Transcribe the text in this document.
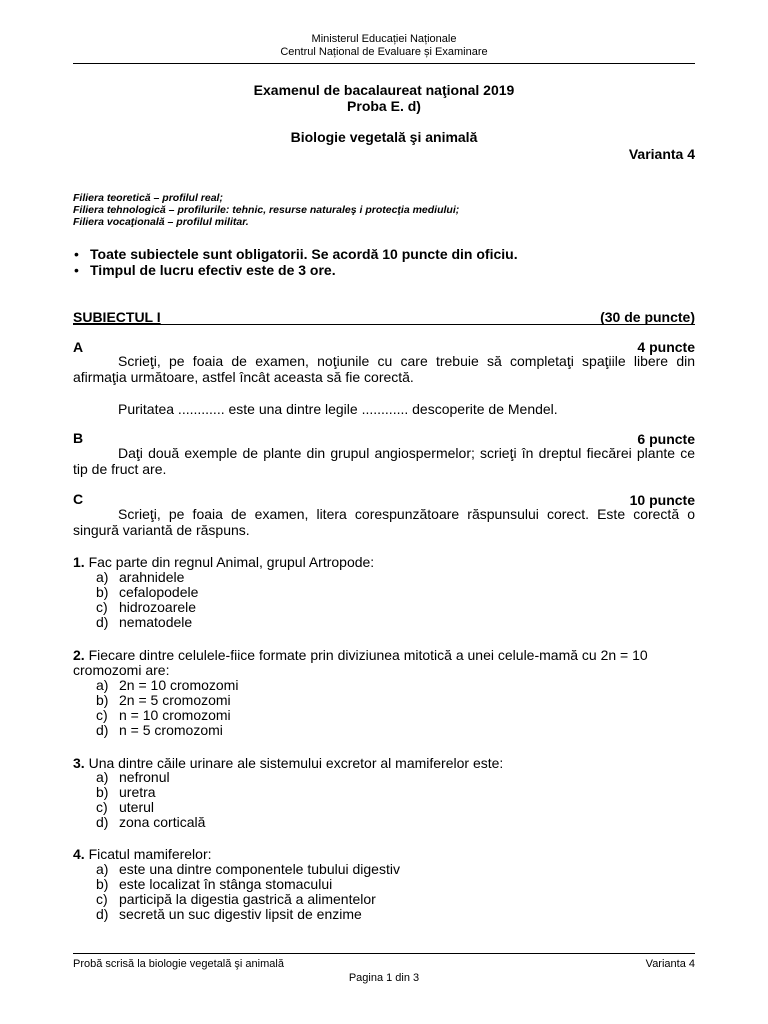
Ministerul Educației Naționale
Centrul Național de Evaluare și Examinare
Examenul de bacalaureat naţional 2019
Proba E. d)
Biologie vegetală şi animală
Varianta 4
Filiera teoretică – profilul real;
Filiera tehnologică – profilurile: tehnic, resurse naturaleş i protecţia mediului;
Filiera vocaţională – profilul militar.
• Toate subiectele sunt obligatorii. Se acordă 10 puncte din oficiu.
• Timpul de lucru efectiv este de 3 ore.
SUBIECTUL I	(30 de puncte)
A	4 puncte
Scrieţi, pe foaia de examen, noţiunile cu care trebuie să completaţi spaţiile libere din afirmaţia următoare, astfel încât aceasta să fie corectă.
Puritatea ............ este una dintre legile ............ descoperite de Mendel.
B	6 puncte
Daţi două exemple de plante din grupul angiospermelor; scrieţi în dreptul fiecărei plante ce tip de fruct are.
C	10 puncte
Scrieţi, pe foaia de examen, litera corespunzătoare răspunsului corect. Este corectă o singură variantă de răspuns.
1. Fac parte din regnul Animal, grupul Artropode:
a) arahnidele
b) cefalopodele
c) hidrozoarele
d) nematodele
2. Fiecare dintre celulele-fiice formate prin diviziunea mitotică a unei celule-mamă cu 2n = 10
cromozomi are:
a) 2n = 10 cromozomi
b) 2n = 5 cromozomi
c) n = 10 cromozomi
d) n = 5 cromozomi
3. Una dintre căile urinare ale sistemului excretor al mamiferelor este:
a) nefronul
b) uretra
c) uterul
d) zona corticală
4. Ficatul mamiferelor:
a) este una dintre componentele tubului digestiv
b) este localizat în stânga stomacului
c) participă la digestia gastrică a alimentelor
d) secretă un suc digestiv lipsit de enzime
Probă scrisă la biologie vegetală şi animală	Varianta 4
Pagina 1 din 3
